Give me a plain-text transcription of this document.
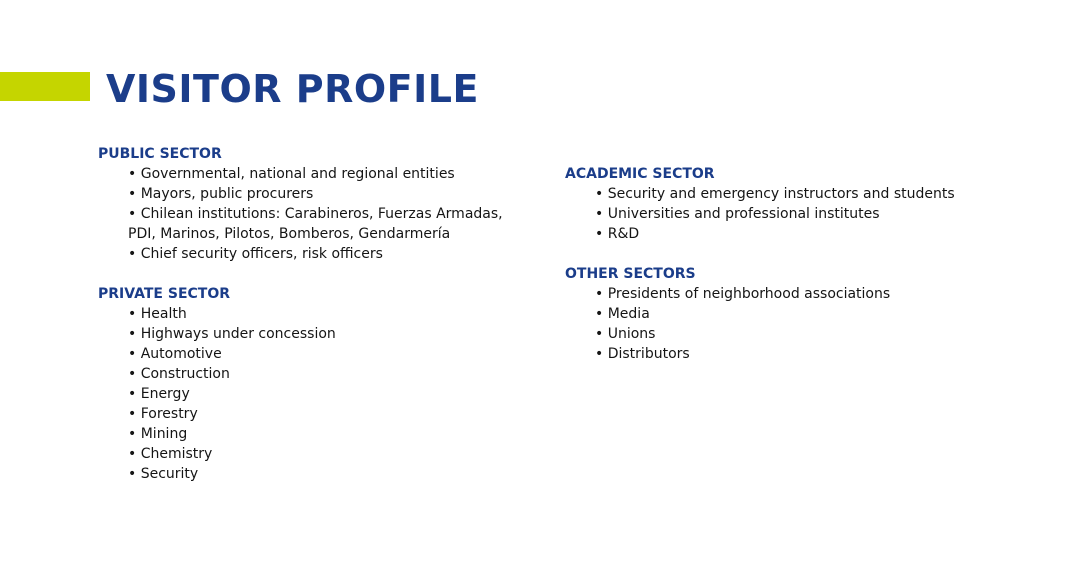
VISITOR PROFILE
PUBLIC SECTOR
• Governmental, national and regional entities
• Mayors, public procurers
• Chilean institutions: Carabineros, Fuerzas Armadas, PDI, Marinos, Pilotos, Bomberos, Gendarmería
• Chief security officers, risk officers
PRIVATE SECTOR
• Health
• Highways under concession
• Automotive
• Construction
• Energy
• Forestry
• Mining
• Chemistry
• Security
ACADEMIC SECTOR
• Security and emergency instructors and students
• Universities and professional institutes
• R&D
OTHER SECTORS
• Presidents of neighborhood associations
• Media
• Unions
• Distributors
